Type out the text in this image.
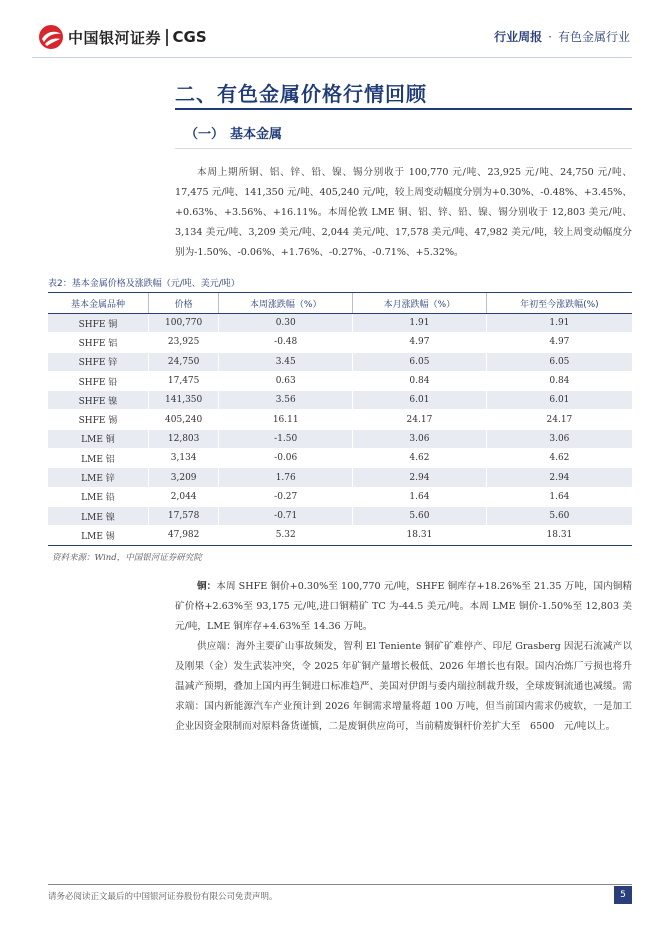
中国银河证券 CGS	行业周报 · 有色金属行业
二、有色金属价格行情回顾
（一） 基本金属

本周上期所铜、铝、锌、铅、镍、锡分别收于 100,770 元/吨、23,925 元/吨、24,750 元/吨、17,475 元/吨、141,350 元/吨、405,240 元/吨，较上周变动幅度分别为+0.30%、-0.48%、+3.45%、+0.63%、+3.56%、+16.11%。本周伦敦 LME 铜、铝、锌、铅、镍、锡分别收于 12,803 美元/吨、3,134 美元/吨、3,209 美元/吨、2,044 美元/吨、17,578 美元/吨、47,982 美元/吨，较上周变动幅度分别为-1.50%、-0.06%、+1.76%、-0.27%、-0.71%、+5.32%。

表2：基本金属价格及涨跌幅（元/吨、美元/吨）
基本金属品种	价格	本周涨跌幅（%）	本月涨跌幅（%）	年初至今涨跌幅(%)
SHFE 铜	100,770	0.30	1.91	1.91
SHFE 铝	23,925	-0.48	4.97	4.97
SHFE 锌	24,750	3.45	6.05	6.05
SHFE 铅	17,475	0.63	0.84	0.84
SHFE 镍	141,350	3.56	6.01	6.01
SHFE 锡	405,240	16.11	24.17	24.17
LME 铜	12,803	-1.50	3.06	3.06
LME 铝	3,134	-0.06	4.62	4.62
LME 锌	3,209	1.76	2.94	2.94
LME 铅	2,044	-0.27	1.64	1.64
LME 镍	17,578	-0.71	5.60	5.60
LME 锡	47,982	5.32	18.31	18.31
资料来源：Wind，中国银河证券研究院

铜：本周 SHFE 铜价+0.30%至 100,770 元/吨，SHFE 铜库存+18.26%至 21.35 万吨，国内铜精矿价格+2.63%至 93,175 元/吨,进口铜精矿 TC 为-44.5 美元/吨。本周 LME 铜价-1.50%至 12,803 美元/吨，LME 铜库存+4.63%至 14.36 万吨。

供应端：海外主要矿山事故频发，智利 El Teniente 铜矿矿难停产、印尼 Grasberg 因泥石流减产以及刚果（金）发生武装冲突，令 2025 年矿铜产量增长极低、2026 年增长也有限。国内冶炼厂亏损也将升温减产预期，叠加上国内再生铜进口标准趋严、美国对伊朗与委内瑞拉制裁升级，全球废铜流通也减缓。需求端：国内新能源汽车产业预计到 2026 年铜需求增量将超 100 万吨，但当前国内需求仍疲软，一是加工企业因资金限制而对原料备货谨慎，二是废铜供应尚可，当前精废铜杆价差扩大至　6500　元/吨以上。

请务必阅读正文最后的中国银河证券股份有限公司免责声明。	5
